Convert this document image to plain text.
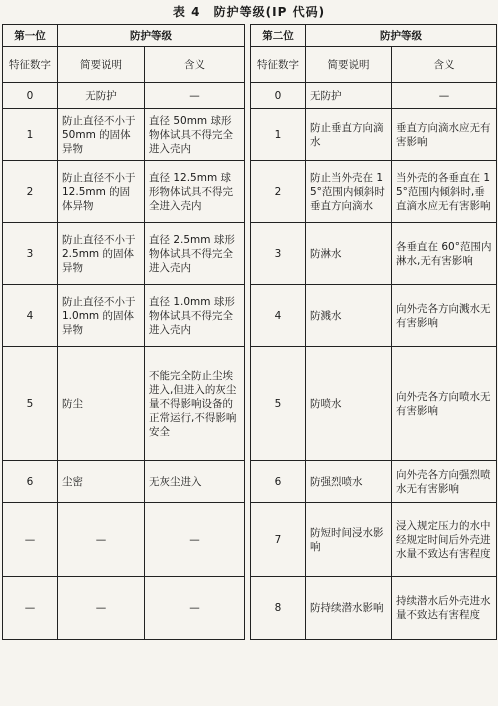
表 4 防护等级(IP 代码)
第一位	防护等级			第二位	防护等级	
特征数字	简要说明	含义		特征数字	简要说明	含义
0	无防护	—		0	无防护	—
1	防止直径不小于 50mm 的固体异物	直径 50mm 球形物体试具不得完全进入壳内		1	防止垂直方向滴水	垂直方向滴水应无有害影响
2	防止直径不小于 12.5mm 的固体异物	直径 12.5mm 球形物体试具不得完全进入壳内		2	防止当外壳在 15°范围内倾斜时垂直方向滴水	当外壳的各垂直在 15°范围内倾斜时,垂直滴水应无有害影响
3	防止直径不小于 2.5mm 的固体异物	直径 2.5mm 球形物体试具不得完全进入壳内		3	防淋水	各垂直在 60°范围内淋水,无有害影响
4	防止直径不小于 1.0mm 的固体异物	直径 1.0mm 球形物体试具不得完全进入壳内		4	防溅水	向外壳各方向溅水无有害影响
5	防尘	不能完全防止尘埃进入,但进入的灰尘量不得影响设备的正常运行,不得影响安全		5	防喷水	向外壳各方向喷水无有害影响
6	尘密	无灰尘进入		6	防强烈喷水	向外壳各方向强烈喷水无有害影响
—	—	—		7	防短时间浸水影响	浸入规定压力的水中经规定时间后外壳进水量不致达有害程度
—	—	—		8	防持续潜水影响	持续潜水后外壳进水量不致达有害程度
